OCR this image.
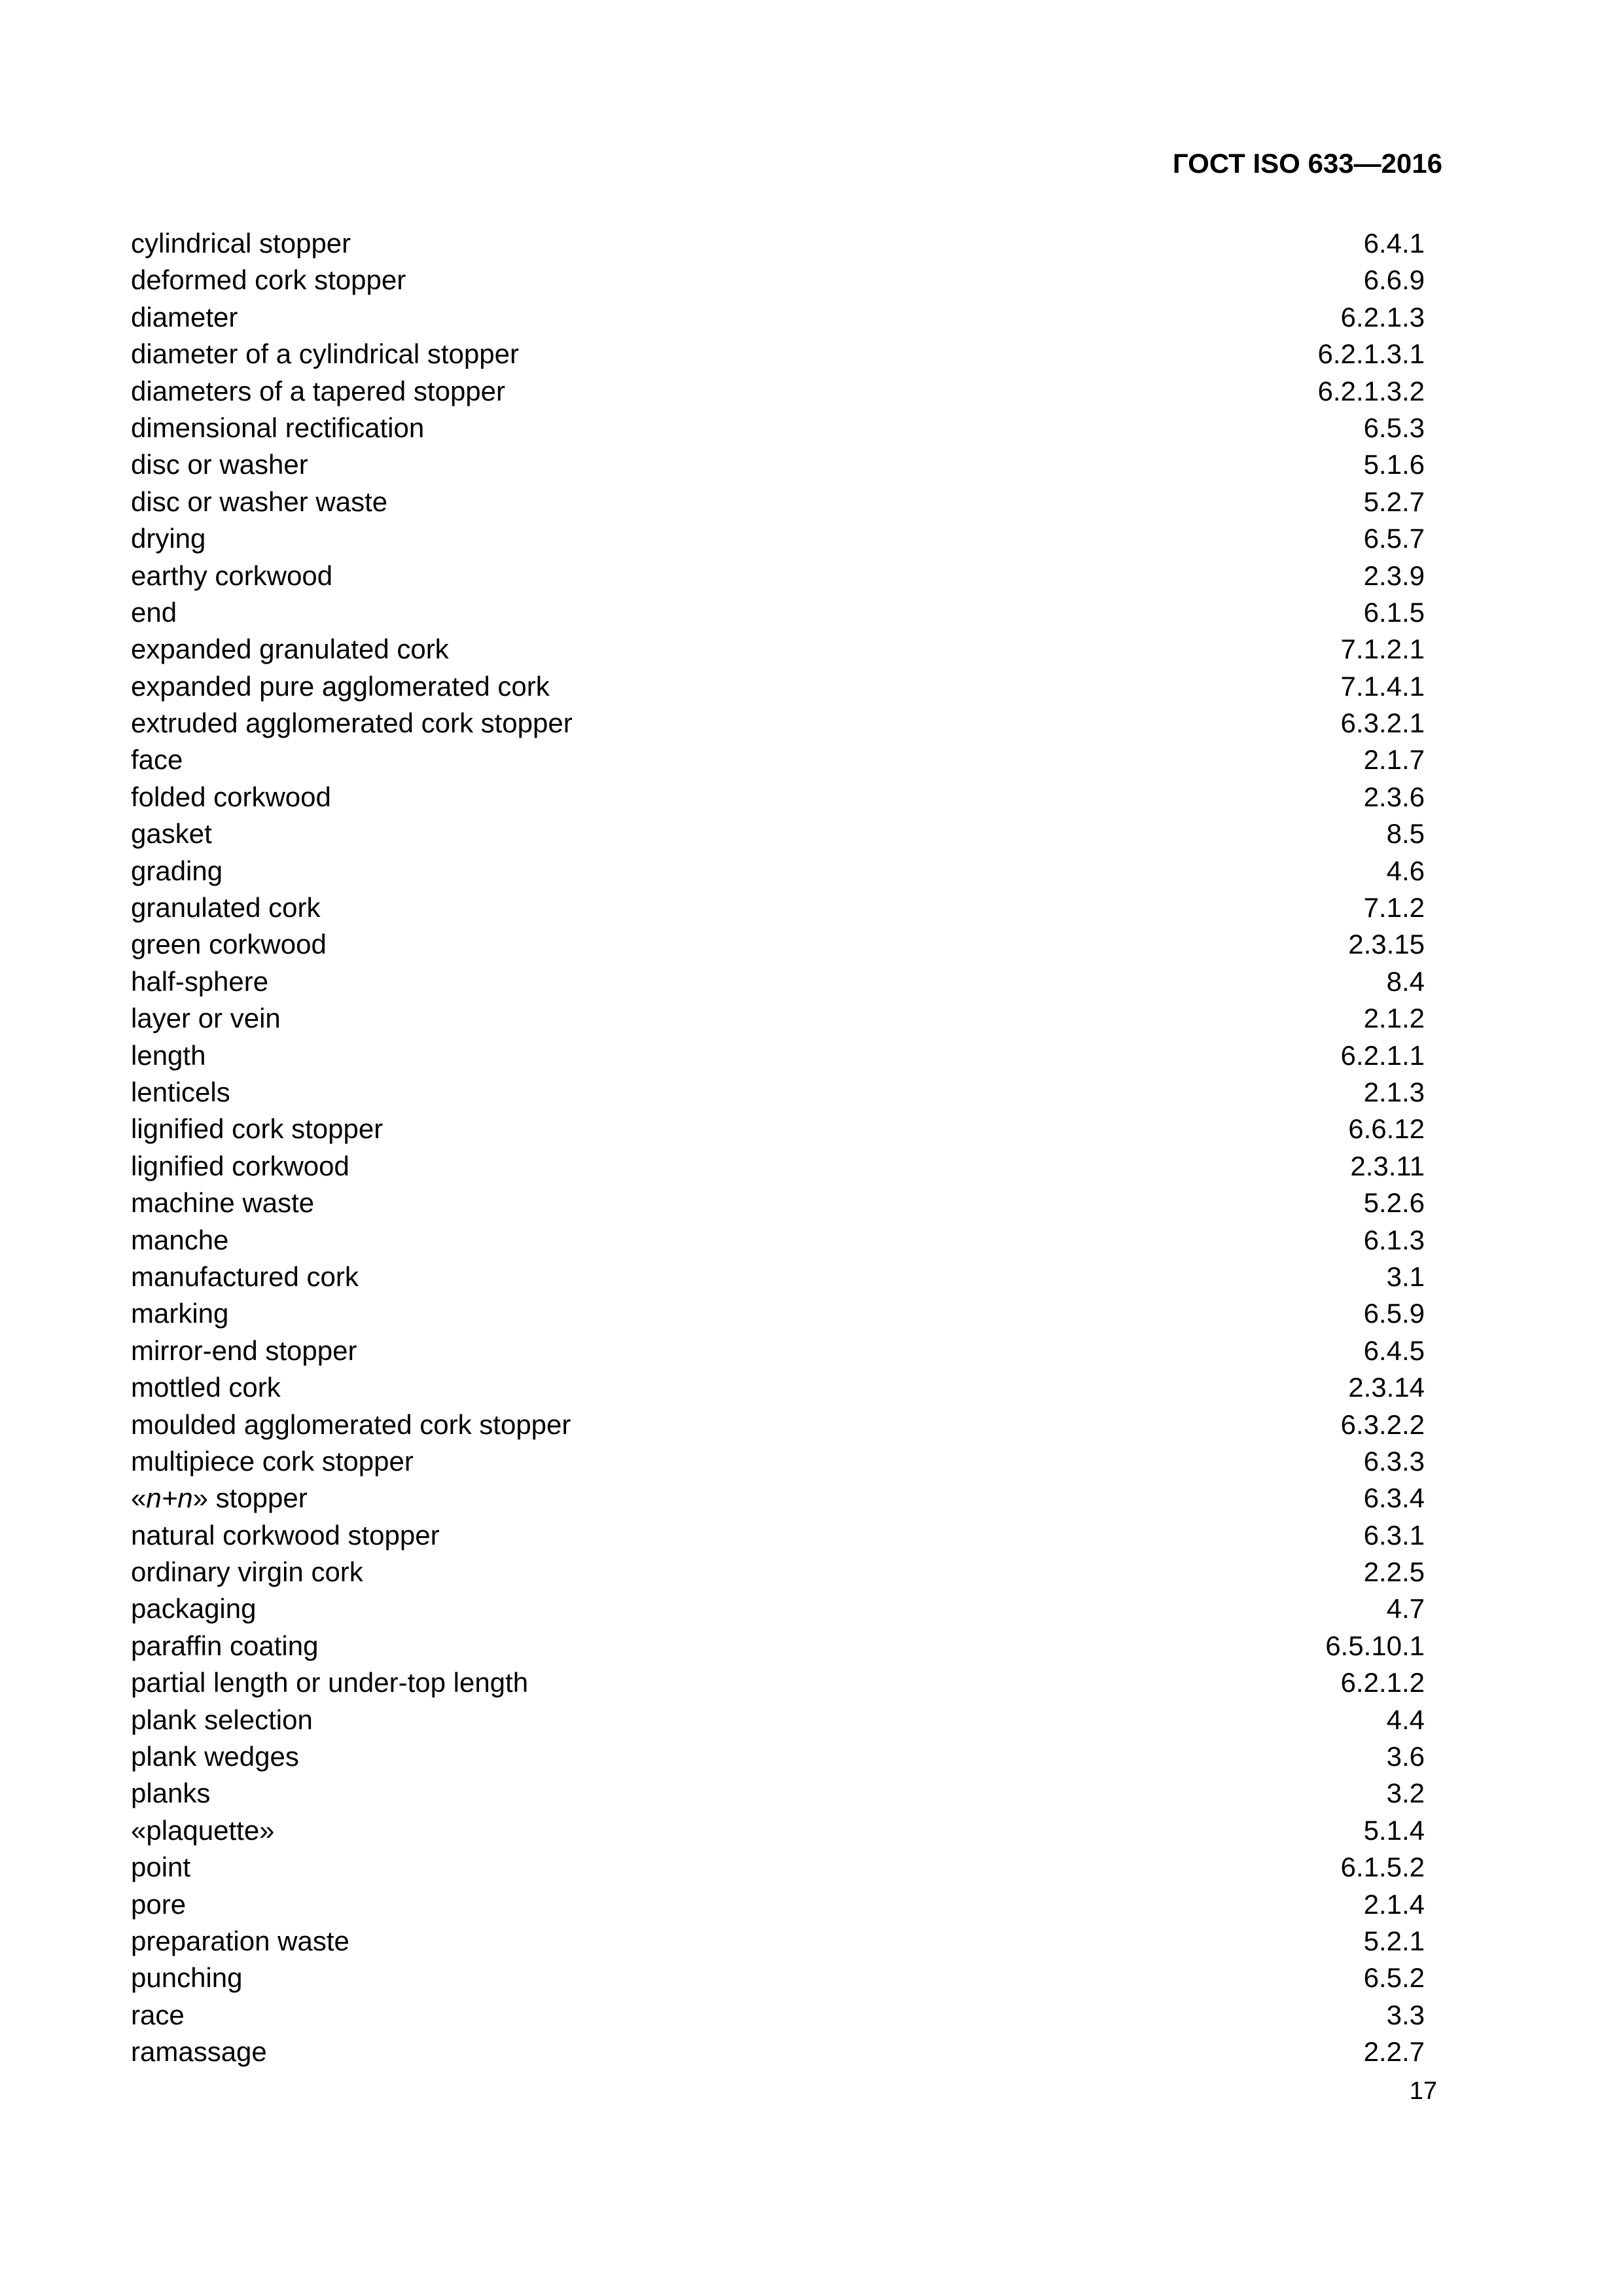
ГОСТ ISO 633—2016
cylindrical stopper	6.4.1
deformed cork stopper	6.6.9
diameter	6.2.1.3
diameter of a cylindrical stopper	6.2.1.3.1
diameters of a tapered stopper	6.2.1.3.2
dimensional rectification	6.5.3
disc or washer	5.1.6
disc or washer waste	5.2.7
drying	6.5.7
earthy corkwood	2.3.9
end	6.1.5
expanded granulated cork	7.1.2.1
expanded pure agglomerated cork	7.1.4.1
extruded agglomerated cork stopper	6.3.2.1
face	2.1.7
folded corkwood	2.3.6
gasket	8.5
grading	4.6
granulated cork	7.1.2
green corkwood	2.3.15
half-sphere	8.4
layer or vein	2.1.2
length	6.2.1.1
lenticels	2.1.3
lignified cork stopper	6.6.12
lignified corkwood	2.3.11
machine waste	5.2.6
manche	6.1.3
manufactured cork	3.1
marking	6.5.9
mirror-end stopper	6.4.5
mottled cork	2.3.14
moulded agglomerated cork stopper	6.3.2.2
multipiece cork stopper	6.3.3
«n+n» stopper	6.3.4
natural corkwood stopper	6.3.1
ordinary virgin cork	2.2.5
packaging	4.7
paraffin coating	6.5.10.1
partial length or under-top length	6.2.1.2
plank selection	4.4
plank wedges	3.6
planks	3.2
«plaquette»	5.1.4
point	6.1.5.2
pore	2.1.4
preparation waste	5.2.1
punching	6.5.2
race	3.3
ramassage	2.2.7
17
